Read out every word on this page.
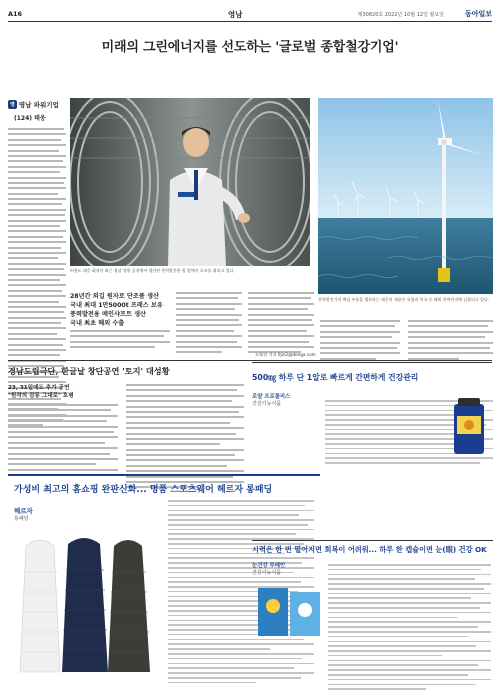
A16	영남	제30820호 2022년 10월 12일 월요일	동아일보
미래의 그린에너지를 선도하는 '글로벌 종합철강기업'
영 영남 파워기업
(124) 태웅
허용도 태웅 회장이 최근 경남 창원 공장에서 생산된 풍력발전용 링 앞에서 포즈를 취하고 있다.
풍력발전기의 핵심 부품을 생산하는 태웅의 제품은 유럽과 미국 등 해외 풍력단지에 납품되고 있다.
28년간 외길 원자로 단조품 생산
국내 최대 1만5000t 프레스 보유
풍력발전용 메인샤프트 생산
국내 최초 해외 수출
도영진 기자 0jin2@donga.com
경남도립극단, 한글날 창단공연 '토지' 대성황
23, 31일에도 추가 공연
"원작의 감동 그대로" 호평
500㎎ 하루 단 1알로 빠르게 간편하게 건강관리
로얄 프로폴리스
건강기능식품
가성비 최고의 홈쇼핑 완판신화... 명품 스포츠웨어 헤르자 롱패딩
헤르자
롱패딩
시력은 한 번 떨어지면 회복이 어려워... 하루 한 캡슐이면 눈(眼) 건강 OK
눈건강 루테인
건강기능식품
